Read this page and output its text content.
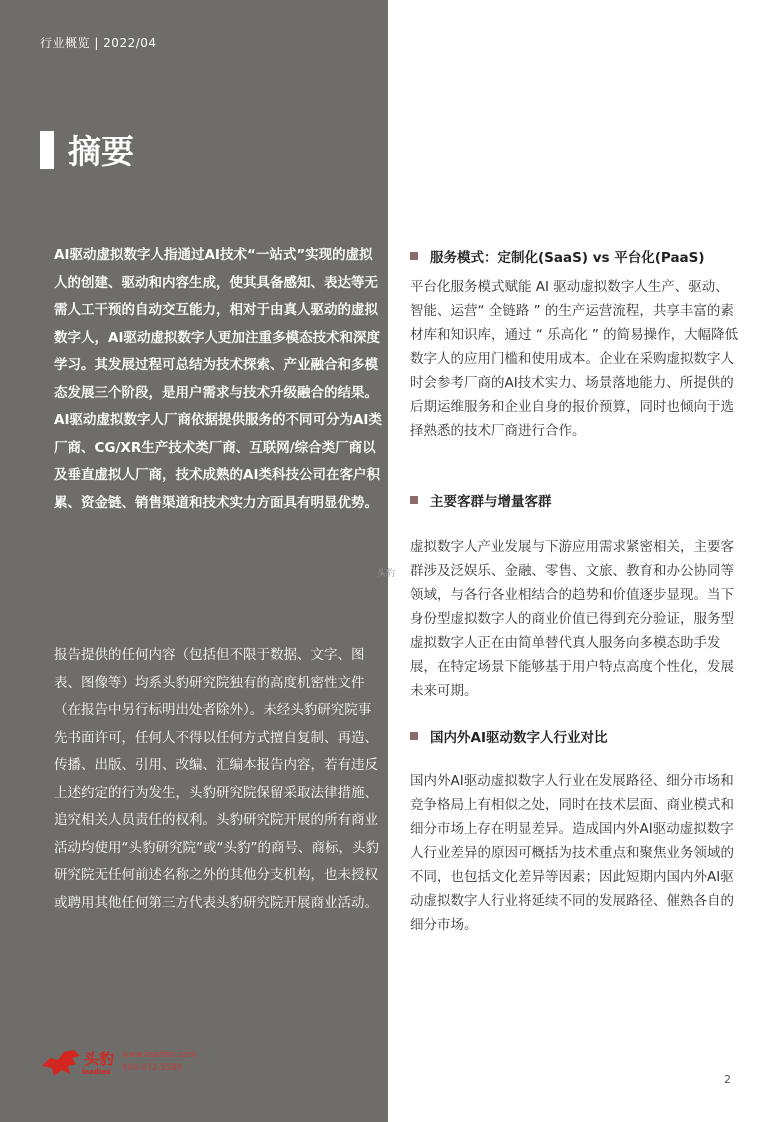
行业概览 | 2022/04
摘要

AI驱动虚拟数字人指通过AI技术“一站式”实现的虚拟人的创建、驱动和内容生成，使其具备感知、表达等无需人工干预的自动交互能力，相对于由真人驱动的虚拟数字人，AI驱动虚拟数字人更加注重多模态技术和深度学习。其发展过程可总结为技术探索、产业融合和多模态发展三个阶段，是用户需求与技术升级融合的结果。AI驱动虚拟数字人厂商依据提供服务的不同可分为AI类厂商、CG/XR生产技术类厂商、互联网/综合类厂商以及垂直虚拟人厂商，技术成熟的AI类科技公司在客户积累、资金链、销售渠道和技术实力方面具有明显优势。

报告提供的任何内容（包括但不限于数据、文字、图表、图像等）均系头豹研究院独有的高度机密性文件（在报告中另行标明出处者除外）。未经头豹研究院事先书面许可，任何人不得以任何方式擅自复制、再造、传播、出版、引用、改编、汇编本报告内容，若有违反上述约定的行为发生，头豹研究院保留采取法律措施、追究相关人员责任的权利。头豹研究院开展的所有商业活动均使用“头豹研究院”或“头豹”的商号、商标，头豹研究院无任何前述名称之外的其他分支机构，也未授权或聘用其他任何第三方代表头豹研究院开展商业活动。

头豹
leadleo
www.leadleo.com
400-072-5588
头豹
服务模式：定制化(SaaS) vs 平台化(PaaS)

平台化服务模式赋能 AI 驱动虚拟数字人生产、驱动、智能、运营“ 全链路 ” 的生产运营流程，共享丰富的素材库和知识库，通过 “ 乐高化 ” 的简易操作，大幅降低数字人的应用门槛和使用成本。企业在采购虚拟数字人时会参考厂商的AI技术实力、场景落地能力、所提供的后期运维服务和企业自身的报价预算，同时也倾向于选择熟悉的技术厂商进行合作。

主要客群与增量客群

虚拟数字人产业发展与下游应用需求紧密相关，主要客群涉及泛娱乐、金融、零售、文旅、教育和办公协同等领域，与各行各业相结合的趋势和价值逐步显现。当下身份型虚拟数字人的商业价值已得到充分验证，服务型虚拟数字人正在由简单替代真人服务向多模态助手发展，在特定场景下能够基于用户特点高度个性化，发展未来可期。

国内外AI驱动数字人行业对比

国内外AI驱动虚拟数字人行业在发展路径、细分市场和竞争格局上有相似之处，同时在技术层面、商业模式和细分市场上存在明显差异。造成国内外AI驱动虚拟数字人行业差异的原因可概括为技术重点和聚焦业务领域的不同，也包括文化差异等因素；因此短期内国内外AI驱动虚拟数字人行业将延续不同的发展路径、催熟各自的细分市场。

2
